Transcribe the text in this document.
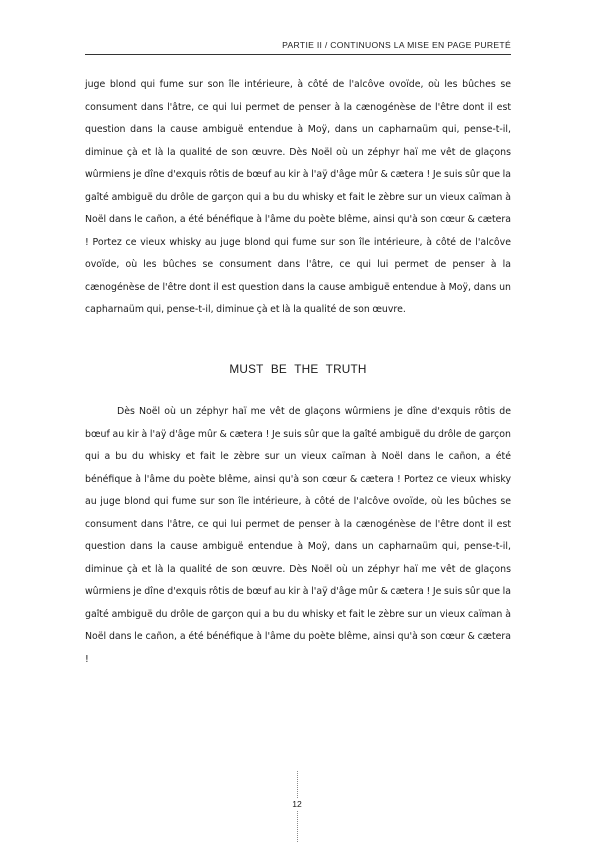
PARTIE II / CONTINUONS LA MISE EN PAGE PURETÉ

juge blond qui fume sur son île intérieure, à côté de l'alcôve ovoïde, où les bûches se consument dans l'âtre, ce qui lui permet de penser à la cænogénèse de l'être dont il est question dans la cause ambiguë entendue à Moÿ, dans un capharnaüm qui, pense-t-il, diminue çà et là la qualité de son œuvre. Dès Noël où un zéphyr haï me vêt de glaçons wûrmiens je dîne d'exquis rôtis de bœuf au kir à l'aÿ d'âge mûr & cætera ! Je suis sûr que la gaîté ambiguë du drôle de garçon qui a bu du whisky et fait le zèbre sur un vieux caïman à Noël dans le cañon, a été bénéfique à l'âme du poète blême, ainsi qu'à son cœur & cætera ! Portez ce vieux whisky au juge blond qui fume sur son île intérieure, à côté de l'alcôve ovoïde, où les bûches se consument dans l'âtre, ce qui lui permet de penser à la cænogénèse de l'être dont il est question dans la cause ambiguë entendue à Moÿ, dans un capharnaüm qui, pense-t-il, diminue çà et là la qualité de son œuvre.

MUST BE THE TRUTH

Dès Noël où un zéphyr haï me vêt de glaçons wûrmiens je dîne d'exquis rôtis de bœuf au kir à l'aÿ d'âge mûr & cætera ! Je suis sûr que la gaîté ambiguë du drôle de garçon qui a bu du whisky et fait le zèbre sur un vieux caïman à Noël dans le cañon, a été bénéfique à l'âme du poète blême, ainsi qu'à son cœur & cætera ! Portez ce vieux whisky au juge blond qui fume sur son île intérieure, à côté de l'alcôve ovoïde, où les bûches se consument dans l'âtre, ce qui lui permet de penser à la cænogénèse de l'être dont il est question dans la cause ambiguë entendue à Moÿ, dans un capharnaüm qui, pense-t-il, diminue çà et là la qualité de son œuvre. Dès Noël où un zéphyr haï me vêt de glaçons wûrmiens je dîne d'exquis rôtis de bœuf au kir à l'aÿ d'âge mûr & cætera ! Je suis sûr que la gaîté ambiguë du drôle de garçon qui a bu du whisky et fait le zèbre sur un vieux caïman à Noël dans le cañon, a été bénéfique à l'âme du poète blême, ainsi qu'à son cœur & cætera !

12
